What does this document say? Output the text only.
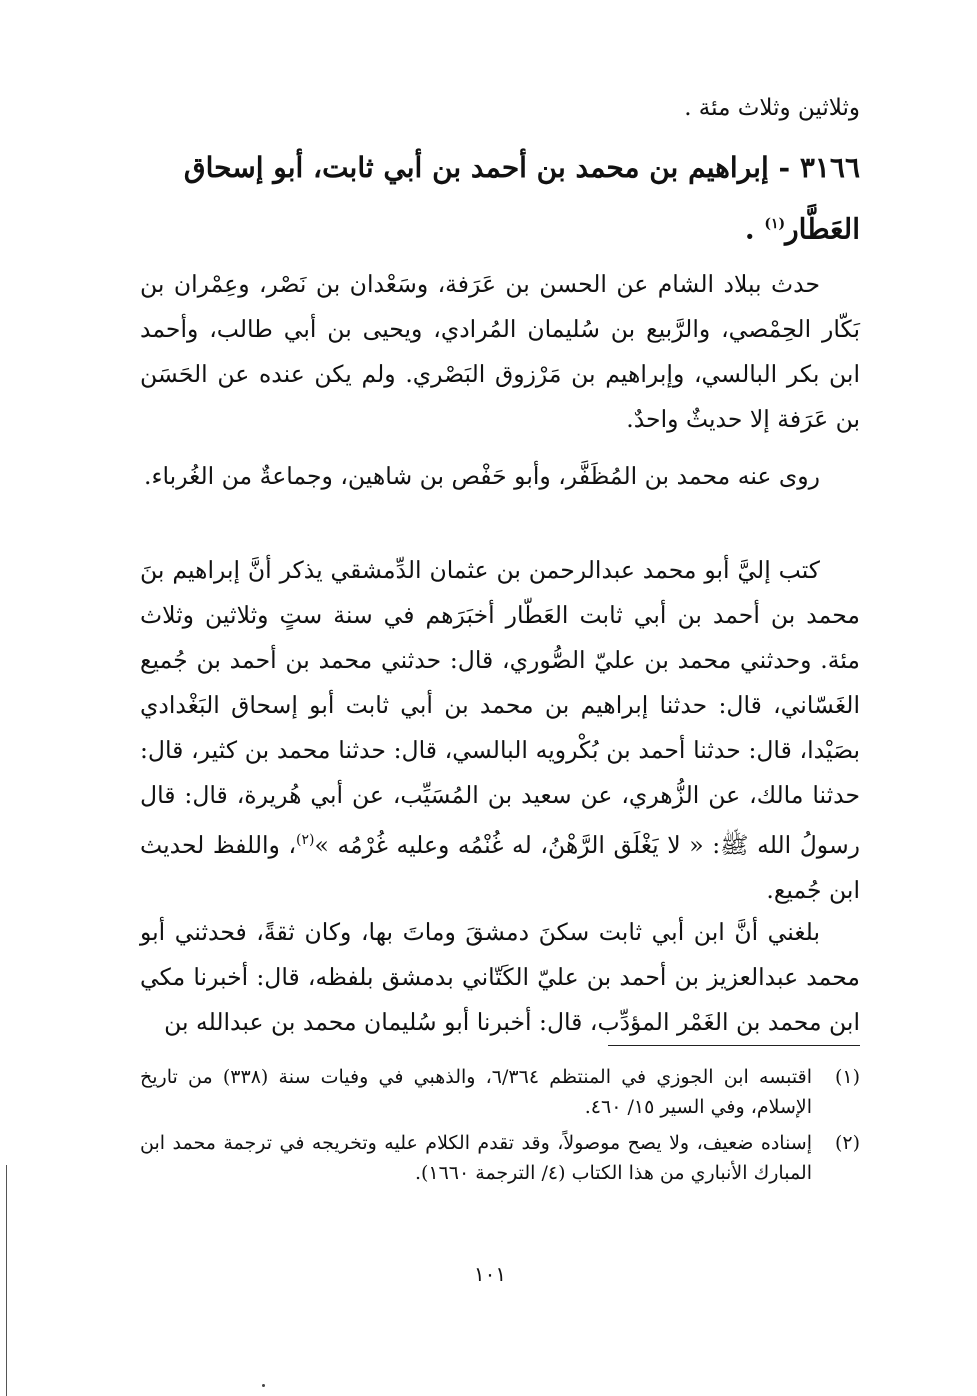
وثلاثين وثلاث مئة .
٣١٦٦ - إبراهيم بن محمد بن أحمد بن أبي ثابت، أبو إسحاق
العَطَّار$^{(١)}$ .
حدث ببلاد الشام عن الحسن بن عَرَفة، وسَعْدان بن نَصْر، وعِمْران بن بَكّار الحِمْصي، والرَّبيع بن سُليمان المُرادي، ويحيى بن أبي طالب، وأحمد ابن بكر البالسي، وإبراهيم بن مَرْزوق البَصْري. ولم يكن عنده عن الحَسَن بن عَرَفة إلا حديثٌ واحدٌ.
روى عنه محمد بن المُظَفَّر، وأبو حَفْص بن شاهين، وجماعةٌ من الغُرباء.
كتب إليَّ أبو محمد عبدالرحمن بن عثمان الدِّمشقي يذكر أنَّ إبراهيم بنَ محمد بن أحمد بن أبي ثابت العَطّار أخبَرَهم في سنة ستٍ وثلاثين وثلاث مئة. وحدثني محمد بن عليّ الصُّوري، قال: حدثني محمد بن أحمد بن جُميع الغَسّاني، قال: حدثنا إبراهيم بن محمد بن أبي ثابت أبو إسحاق البَغْدادي بصَيْدا، قال: حدثنا أحمد بن بُكْرويه البالسي، قال: حدثنا محمد بن كثير، قال: حدثنا مالك، عن الزُّهري، عن سعيد بن المُسَيِّب، عن أبي هُريرة، قال: قال رسولُ الله ﷺ: « لا يَغْلَق الرَّهْنُ، له غُنْمُه وعليه غُرْمُه »$^{(٢)}$، واللفظ لحديث ابن جُميع.
بلغني أنَّ ابن أبي ثابت سكنَ دمشقَ وماتَ بها، وكان ثقةً، فحدثني أبو محمد عبدالعزيز بن أحمد بن عليّ الكَتّاني بدمشق بلفظه، قال: أخبرنا مكي ابن محمد بن الغَمْر المؤدِّب، قال: أخبرنا أبو سُليمان محمد بن عبدالله بن
(١)
اقتبسه ابن الجوزي في المنتظم ٦/٣٦٤، والذهبي في وفيات سنة (٣٣٨) من تاريخ الإسلام، وفي السير ١٥/ ٤٦٠.
(٢)
إسناده ضعيف، ولا يصح موصولاً، وقد تقدم الكلام عليه وتخريجه في ترجمة محمد ابن المبارك الأنباري من هذا الكتاب (٤/ الترجمة ١٦٦٠).
١٠١
